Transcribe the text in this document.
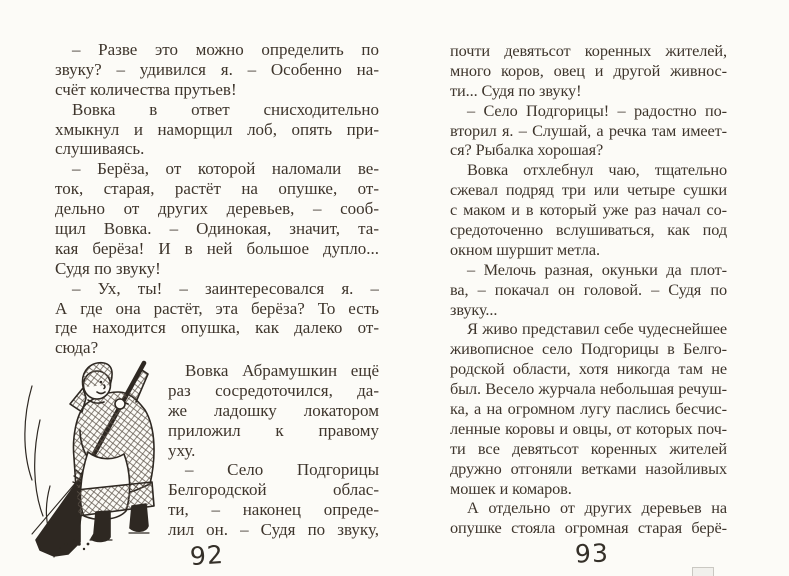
– Разве это можно определить по
звуку? – удивился я. – Особенно на-
счёт количества прутьев!
Вовка в ответ снисходительно
хмыкнул и наморщил лоб, опять при-
слушиваясь.
– Берёза, от которой наломали ве-
ток, старая, растёт на опушке, от-
дельно от других деревьев, – сооб-
щил Вовка. – Одинокая, значит, та-
кая берёза! И в ней большое дупло...
Судя по звуку!
– Ух, ты! – заинтересовался я. –
А где она растёт, эта берёза? То есть
где находится опушка, как далеко от-
сюда?
Вовка Абрамушкин ещё
раз сосредоточился, да-
же ладошку локатором
приложил к правому
уху.
– Село Подгорицы
Белгородской облас-
ти, – наконец опреде-
лил он. – Судя по звуку,
почти девятьсот коренных жителей,
много коров, овец и другой живнос-
ти... Судя по звуку!
– Село Подгорицы! – радостно по-
вторил я. – Слушай, а речка там имеет-
ся? Рыбалка хорошая?
Вовка отхлебнул чаю, тщательно
сжевал подряд три или четыре сушки
с маком и в который уже раз начал со-
средоточенно вслушиваться, как под
окном шуршит метла.
– Мелочь разная, окуньки да плот-
ва, – покачал он головой. – Судя по
звуку...
Я живо представил себе чудеснейшее
живописное село Подгорицы в Белго-
родской области, хотя никогда там не
был. Весело журчала небольшая речуш-
ка, а на огромном лугу паслись бесчис-
ленные коровы и овцы, от которых поч-
ти все девятьсот коренных жителей
дружно отгоняли ветками назойливых
мошек и комаров.
А отдельно от других деревьев на
опушке стояла огромная старая берё-
92	93
